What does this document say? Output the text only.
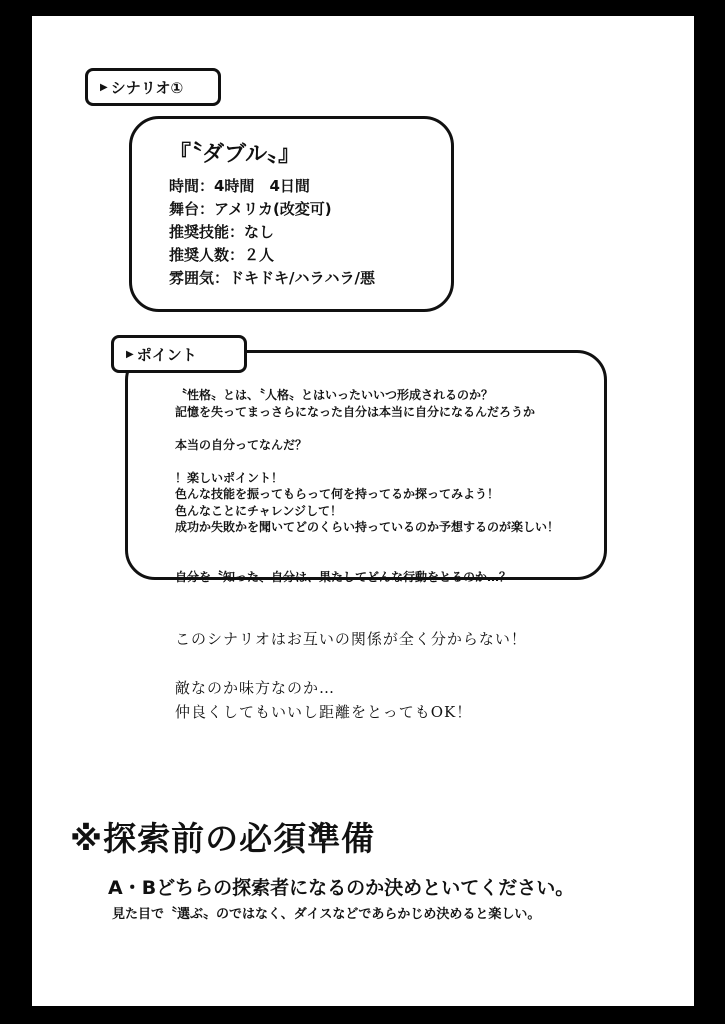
▶ シナリオ①
『〝ダブル〟』
時間：4時間　4日間
舞台：アメリカ(改変可)
推奨技能：なし
推奨人数：２人
雰囲気：ドキドキ/ハラハラ/悪
〝性格〟とは、〝人格〟とはいったいいつ形成されるのか？
記憶を失ってまっさらになった自分は本当に自分になるんだろうか
本当の自分ってなんだ？
！楽しいポイント！
色んな技能を振ってもらって何を持ってるか探ってみよう！
色んなことにチャレンジして！
成功か失敗かを聞いてどのくらい持っているのか予想するのが楽しい！
自分を〝知った〟自分は、果たしてどんな行動をとるのか…？
▶ ポイント
このシナリオはお互いの関係が全く分からない！
敵なのか味方なのか…
仲良くしてもいいし距離をとってもOK！
※探索前の必須準備
A・Bどちらの探索者になるのか決めといてください。
見た目で〝選ぶ〟のではなく、ダイスなどであらかじめ決めると楽しい。
